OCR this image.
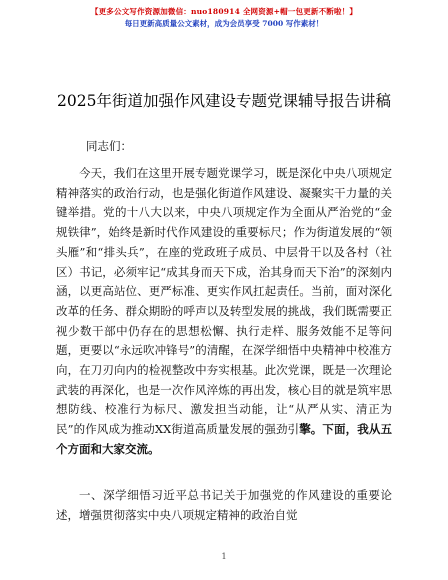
【更多公文写作资源加微信：nuo180914 全网资源+帽一包更新不断啦！】
每日更新高质量公文素材，成为会员享受 7000 写作素材！
2025年街道加强作风建设专题党课辅导报告讲稿
同志们：

今天，我们在这里开展专题党课学习，既是深化中央八项规定精神落实的政治行动，也是强化街道作风建设、凝聚实干力量的关键举措。党的十八大以来，中央八项规定作为全面从严治党的“金规铁律”，始终是新时代作风建设的重要标尺；作为街道发展的“领头雁”和“排头兵”，在座的党政班子成员、中层骨干以及各村（社区）书记，必须牢记“成其身而天下成，治其身而天下治”的深刻内涵，以更高站位、更严标准、更实作风扛起责任。当前，面对深化改革的任务、群众期盼的呼声以及转型发展的挑战，我们既需要正视少数干部中仍存在的思想松懈、执行走样、服务效能不足等问题，更要以“永远吹冲锋号”的清醒，在深学细悟中央精神中校准方向，在刀刃向内的检视整改中夯实根基。此次党课，既是一次理论武装的再深化，也是一次作风淬炼的再出发，核心目的就是筑牢思想防线、校准行为标尺、激发担当动能，让“从严从实、清正为民”的作风成为推动XX街道高质量发展的强劲引擎。下面，我从五个方面和大家交流。

一、深学细悟习近平总书记关于加强党的作风建设的重要论述，增强贯彻落实中央八项规定精神的政治自觉

1
